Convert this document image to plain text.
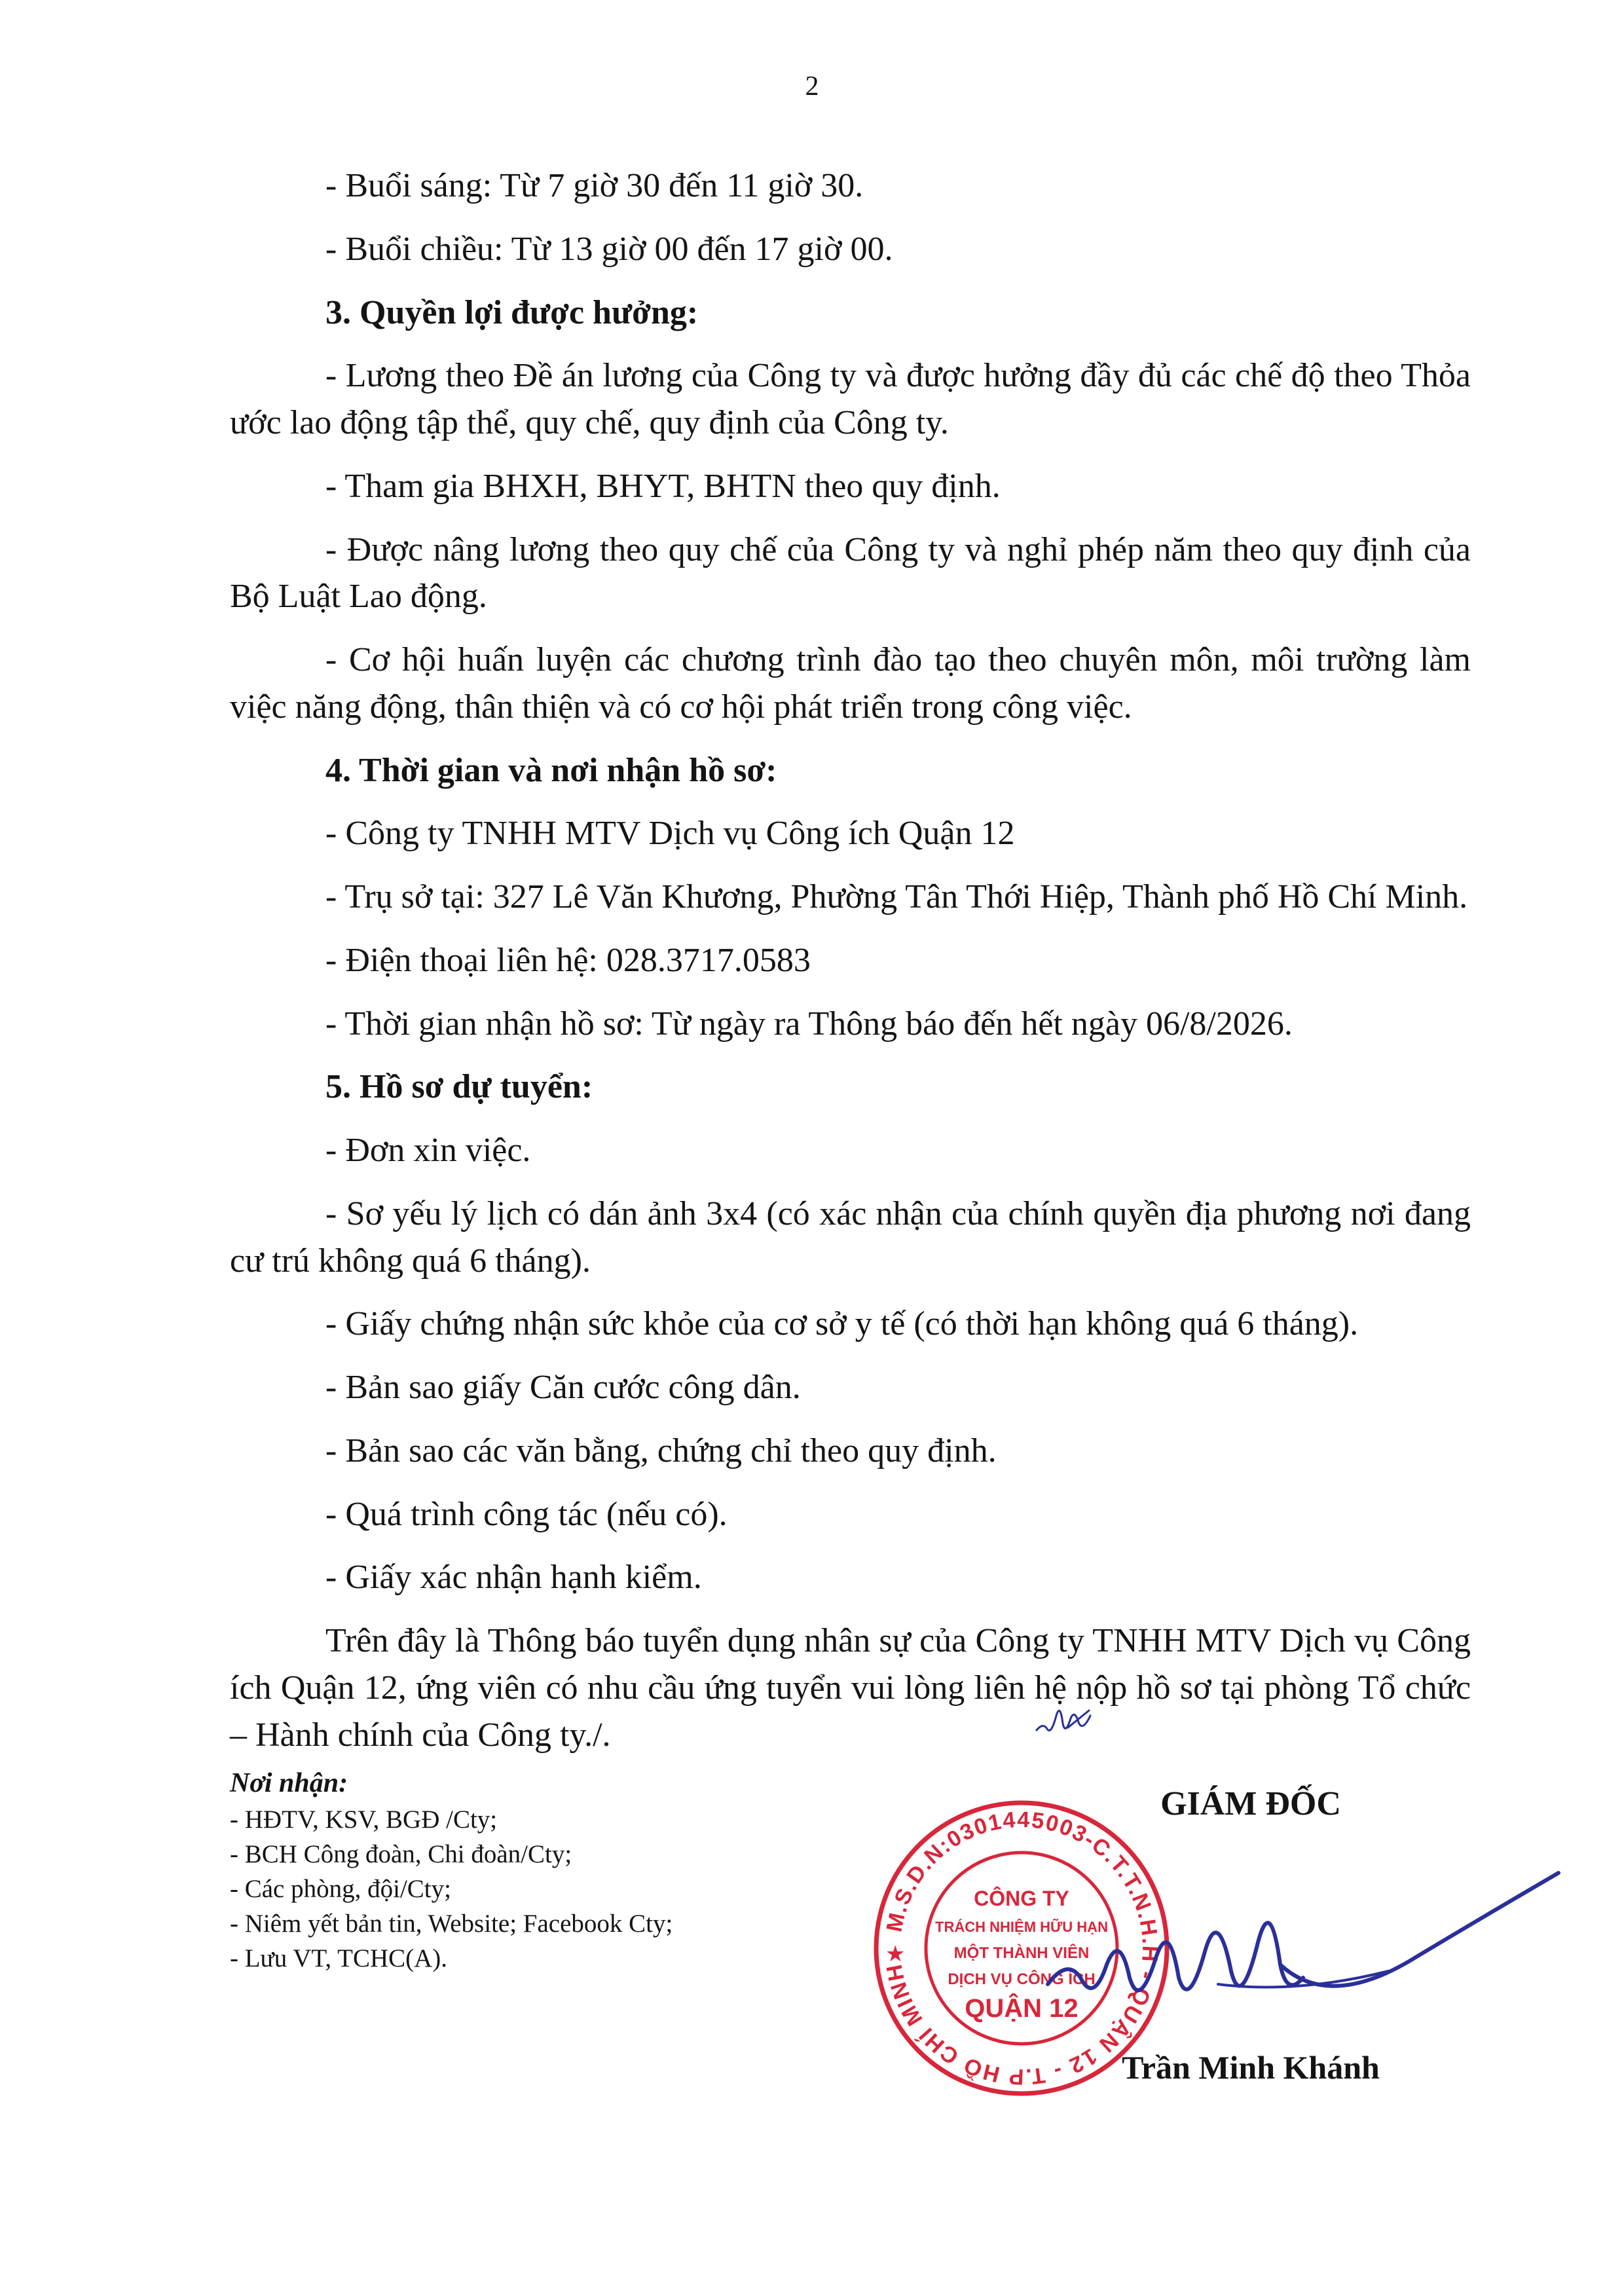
2

- Buổi sáng: Từ 7 giờ 30 đến 11 giờ 30.

- Buổi chiều: Từ 13 giờ 00 đến 17 giờ 00.

3. Quyền lợi được hưởng:

- Lương theo Đề án lương của Công ty và được hưởng đầy đủ các chế độ theo Thỏa ước lao động tập thể, quy chế, quy định của Công ty.

- Tham gia BHXH, BHYT, BHTN theo quy định.

- Được nâng lương theo quy chế của Công ty và nghỉ phép năm theo quy định của Bộ Luật Lao động.

- Cơ hội huấn luyện các chương trình đào tạo theo chuyên môn, môi trường làm việc năng động, thân thiện và có cơ hội phát triển trong công việc.

4. Thời gian và nơi nhận hồ sơ:

- Công ty TNHH MTV Dịch vụ Công ích Quận 12

- Trụ sở tại: 327 Lê Văn Khương, Phường Tân Thới Hiệp, Thành phố Hồ Chí Minh.

- Điện thoại liên hệ: 028.3717.0583

- Thời gian nhận hồ sơ: Từ ngày ra Thông báo đến hết ngày 06/8/2026.

5. Hồ sơ dự tuyển:

- Đơn xin việc.

- Sơ yếu lý lịch có dán ảnh 3x4 (có xác nhận của chính quyền địa phương nơi đang cư trú không quá 6 tháng).

- Giấy chứng nhận sức khỏe của cơ sở y tế (có thời hạn không quá 6 tháng).

- Bản sao giấy Căn cước công dân.

- Bản sao các văn bằng, chứng chỉ theo quy định.

- Quá trình công tác (nếu có).

- Giấy xác nhận hạnh kiểm.

Trên đây là Thông báo tuyển dụng nhân sự của Công ty TNHH MTV Dịch vụ Công ích Quận 12, ứng viên có nhu cầu ứng tuyển vui lòng liên hệ nộp hồ sơ tại phòng Tổ chức – Hành chính của Công ty./.

Nơi nhận:
- HĐTV, KSV, BGĐ /Cty;
- BCH Công đoàn, Chi đoàn/Cty;
- Các phòng, đội/Cty;
- Niêm yết bản tin, Website; Facebook Cty;
- Lưu VT, TCHC(A).
GIÁM ĐỐC
M.S.D.N:0301445003-C.T.T.N.H.H - QUẬN 12 - T.P HỒ CHÍ MINH
★
CÔNG TY
TRÁCH NHIỆM HỮU HẠN
MỘT THÀNH VIÊN
DỊCH VỤ CÔNG ÍCH
QUẬN 12
Trần Minh Khánh
